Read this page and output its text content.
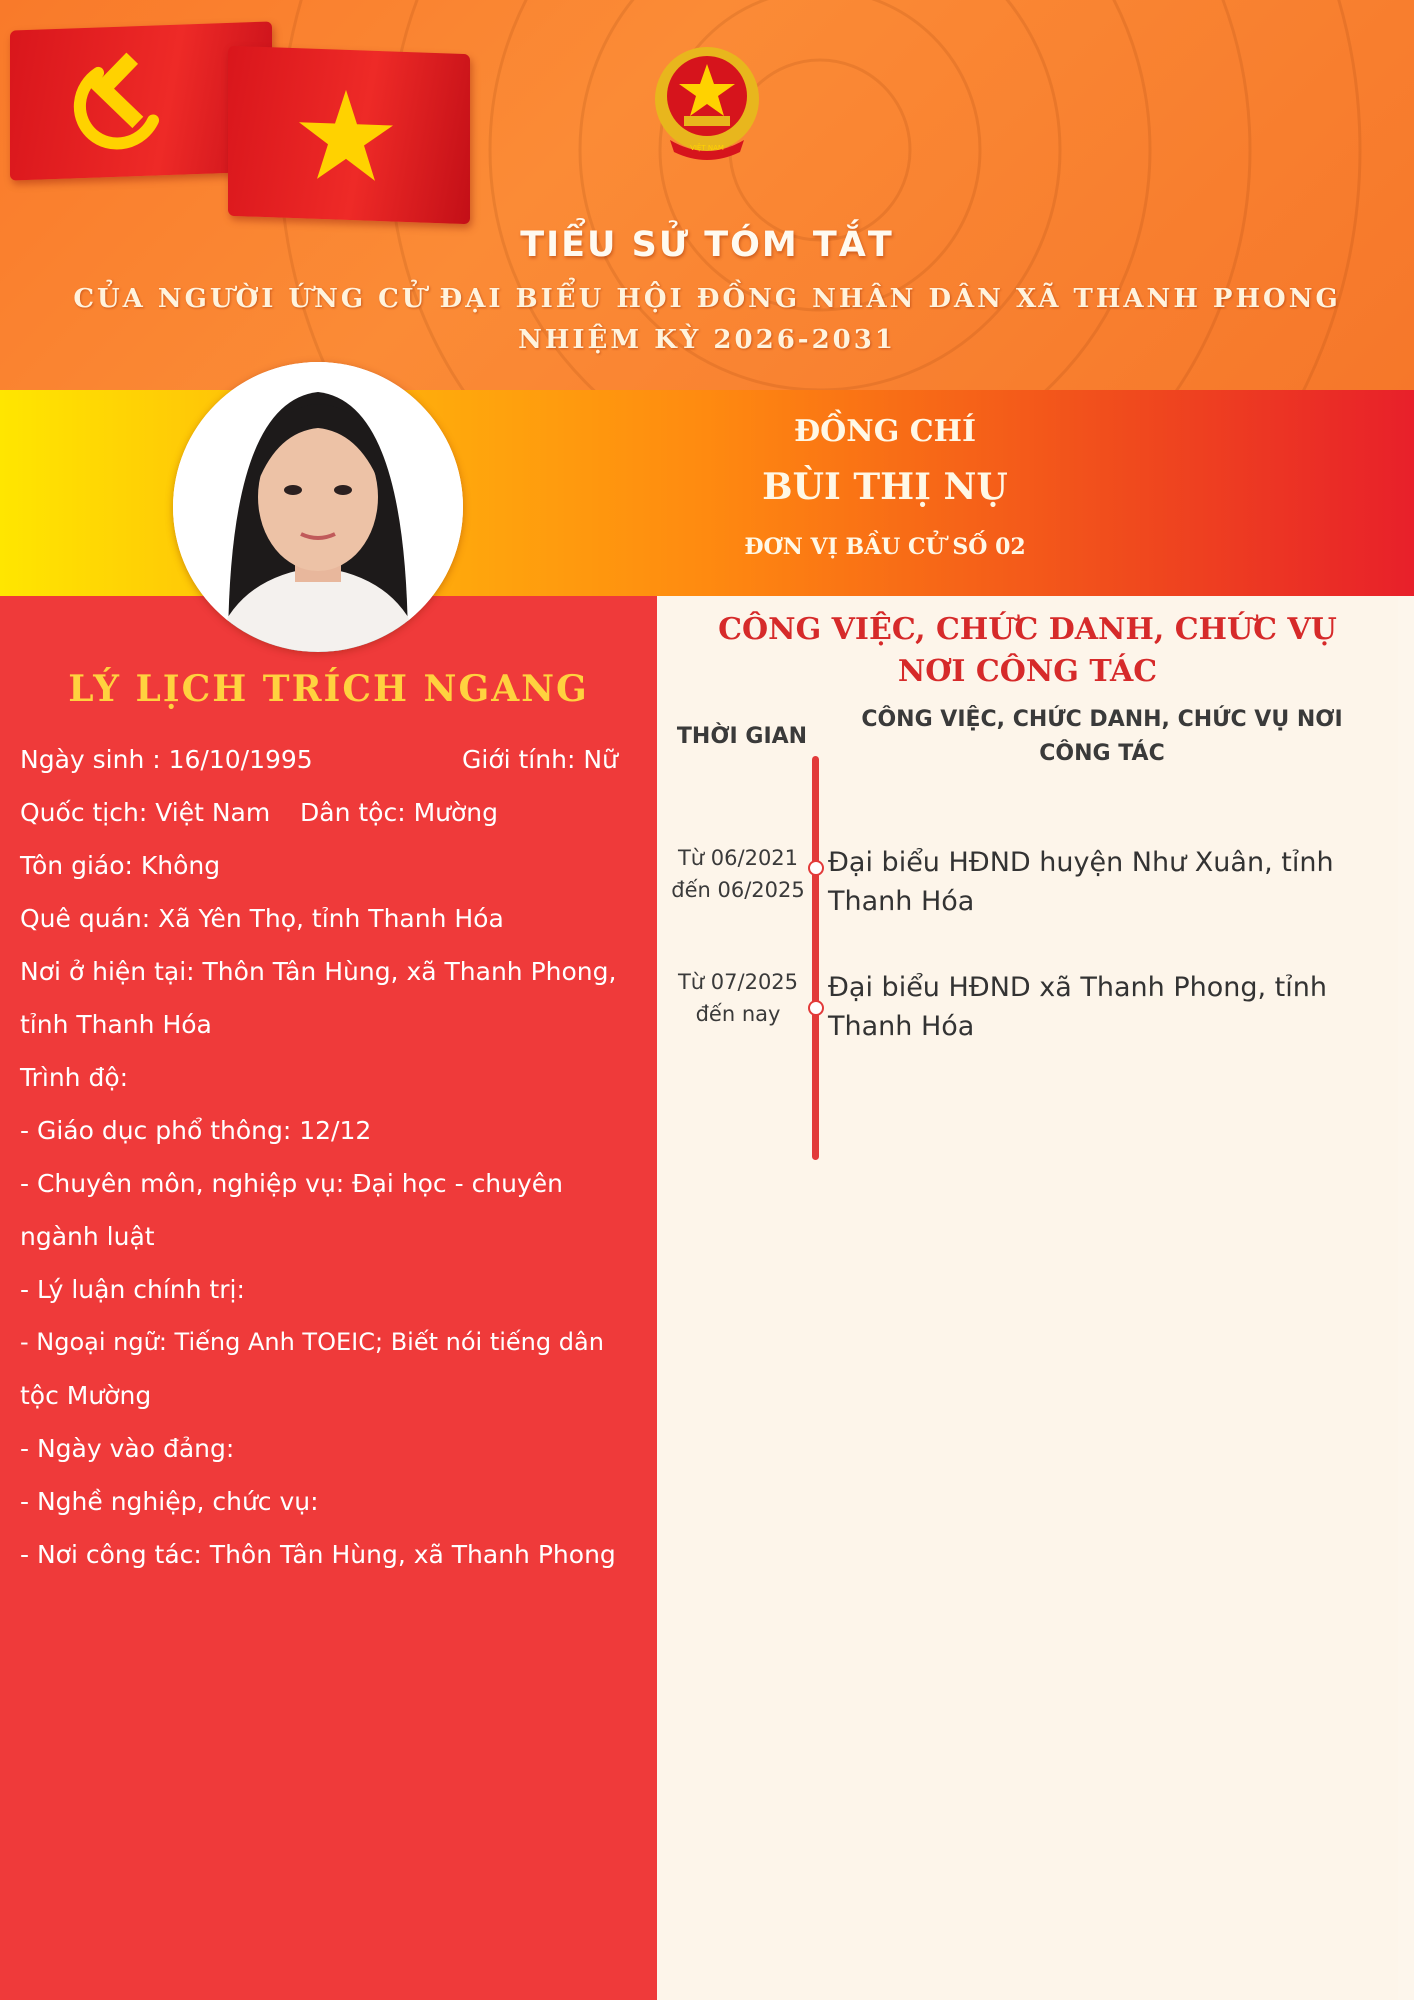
VIỆT NAM
TIỂU SỬ TÓM TẮT
CỦA NGƯỜI ỨNG CỬ ĐẠI BIỂU HỘI ĐỒNG NHÂN DÂN XÃ THANH PHONG
NHIỆM KỲ 2026-2031
ĐỒNG CHÍ
BÙI THỊ NỤ
ĐƠN VỊ BẦU CỬ SỐ 02
LÝ LỊCH TRÍCH NGANG
Ngày sinh : 16/10/1995	Giới tính: Nữ
Quốc tịch: Việt Nam Dân tộc: Mường
Tôn giáo: Không
Quê quán: Xã Yên Thọ, tỉnh Thanh Hóa
Nơi ở hiện tại: Thôn Tân Hùng, xã Thanh Phong,
tỉnh Thanh Hóa
Trình độ:
- Giáo dục phổ thông: 12/12
- Chuyên môn, nghiệp vụ: Đại học - chuyên
ngành luật
- Lý luận chính trị:
- Ngoại ngữ: Tiếng Anh TOEIC; Biết nói tiếng dân
tộc Mường
- Ngày vào đảng:
- Nghề nghiệp, chức vụ:
- Nơi công tác: Thôn Tân Hùng, xã Thanh Phong
CÔNG VIỆC, CHỨC DANH, CHỨC VỤ
NƠI CÔNG TÁC
THỜI GIAN
CÔNG VIỆC, CHỨC DANH, CHỨC VỤ NƠI
CÔNG TÁC
Từ 06/2021
đến 06/2025
Đại biểu HĐND huyện Như Xuân, tỉnh Thanh Hóa
Từ 07/2025
đến nay
Đại biểu HĐND xã Thanh Phong, tỉnh Thanh Hóa
